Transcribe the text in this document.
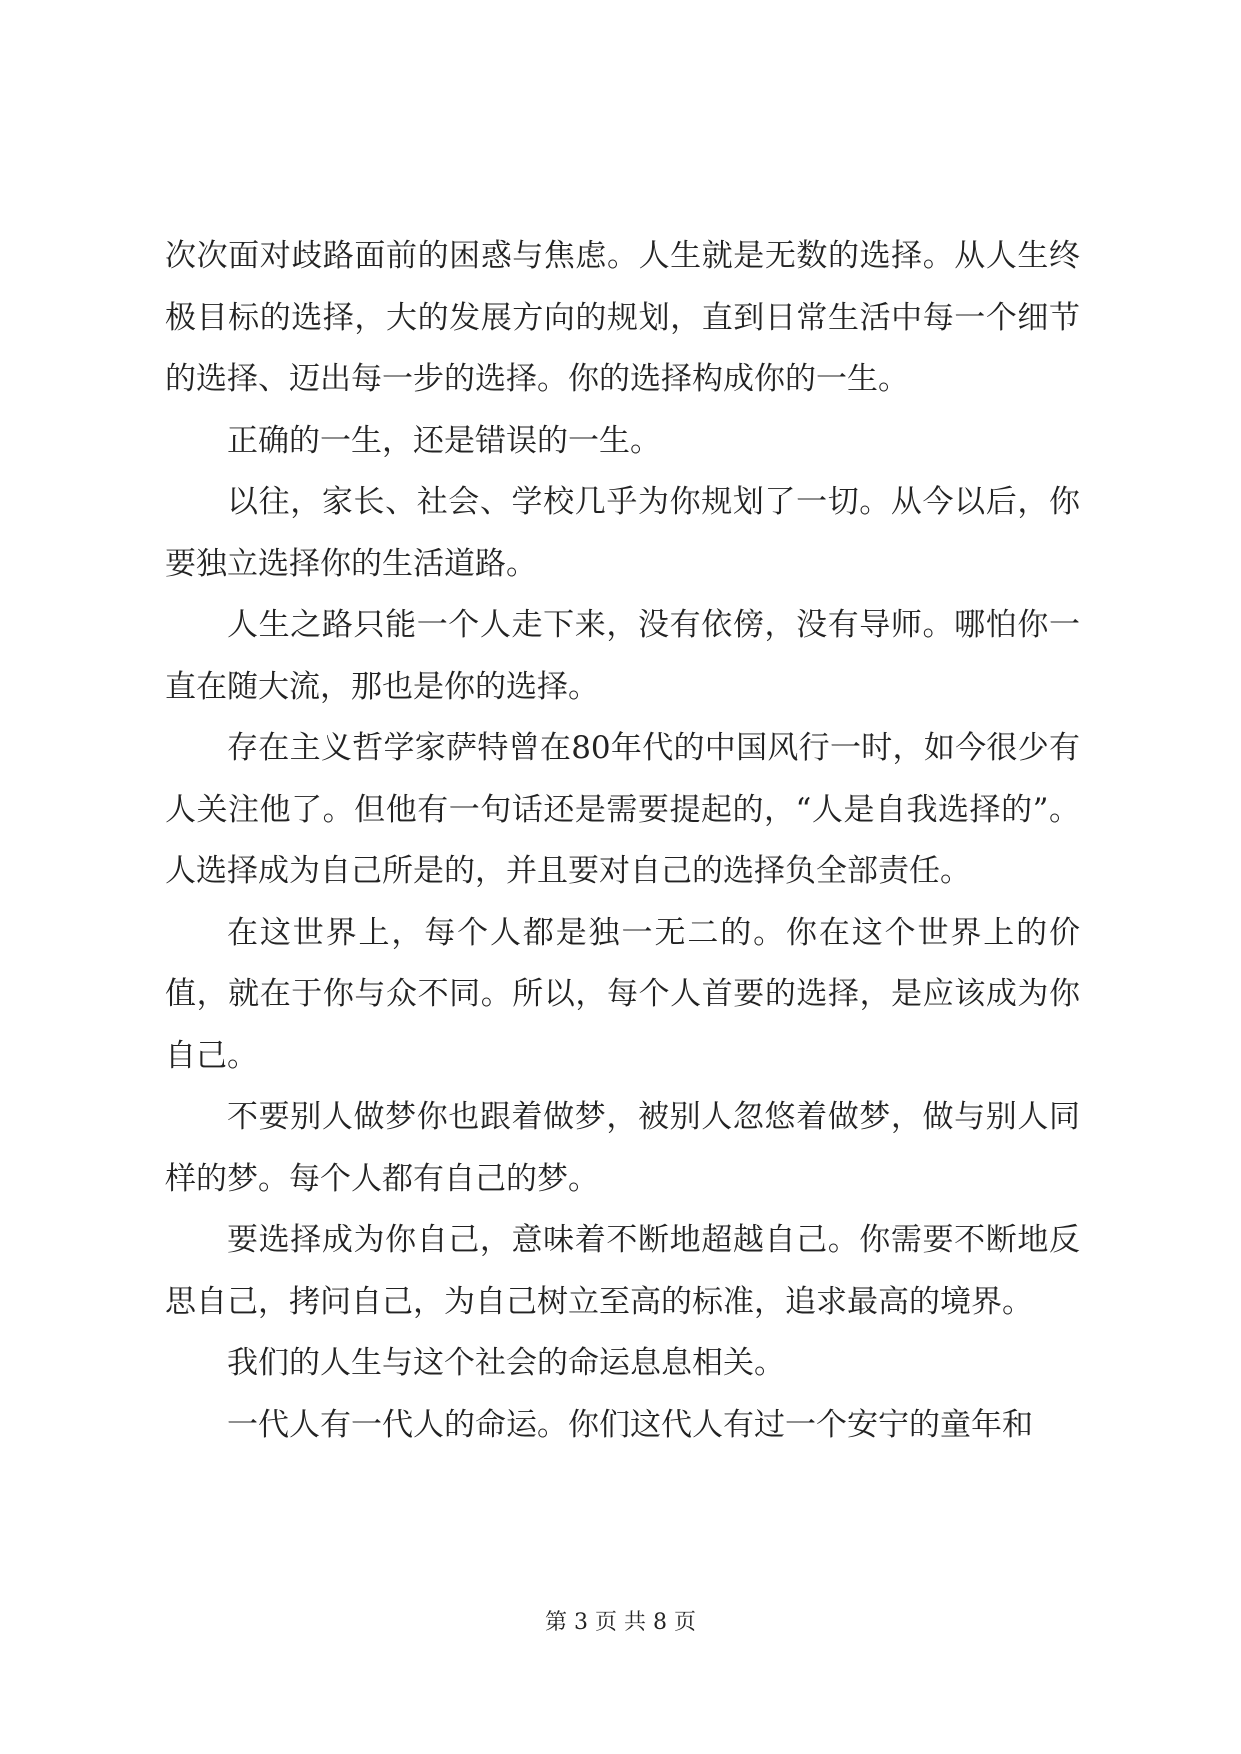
次次面对歧路面前的困惑与焦虑。人生就是无数的选择。从人生终极目标的选择，大的发展方向的规划，直到日常生活中每一个细节的选择、迈出每一步的选择。你的选择构成你的一生。

正确的一生，还是错误的一生。

以往，家长、社会、学校几乎为你规划了一切。从今以后，你要独立选择你的生活道路。

人生之路只能一个人走下来，没有依傍，没有导师。哪怕你一直在随大流，那也是你的选择。

存在主义哲学家萨特曾在80年代的中国风行一时，如今很少有人关注他了。但他有一句话还是需要提起的，“人是自我选择的”。人选择成为自己所是的，并且要对自己的选择负全部责任。

在这世界上，每个人都是独一无二的。你在这个世界上的价值，就在于你与众不同。所以，每个人首要的选择，是应该成为你自己。

不要别人做梦你也跟着做梦，被别人忽悠着做梦，做与别人同样的梦。每个人都有自己的梦。

要选择成为你自己，意味着不断地超越自己。你需要不断地反思自己，拷问自己，为自己树立至高的标准，追求最高的境界。

我们的人生与这个社会的命运息息相关。

一代人有一代人的命运。你们这代人有过一个安宁的童年和

第 3 页 共 8 页
